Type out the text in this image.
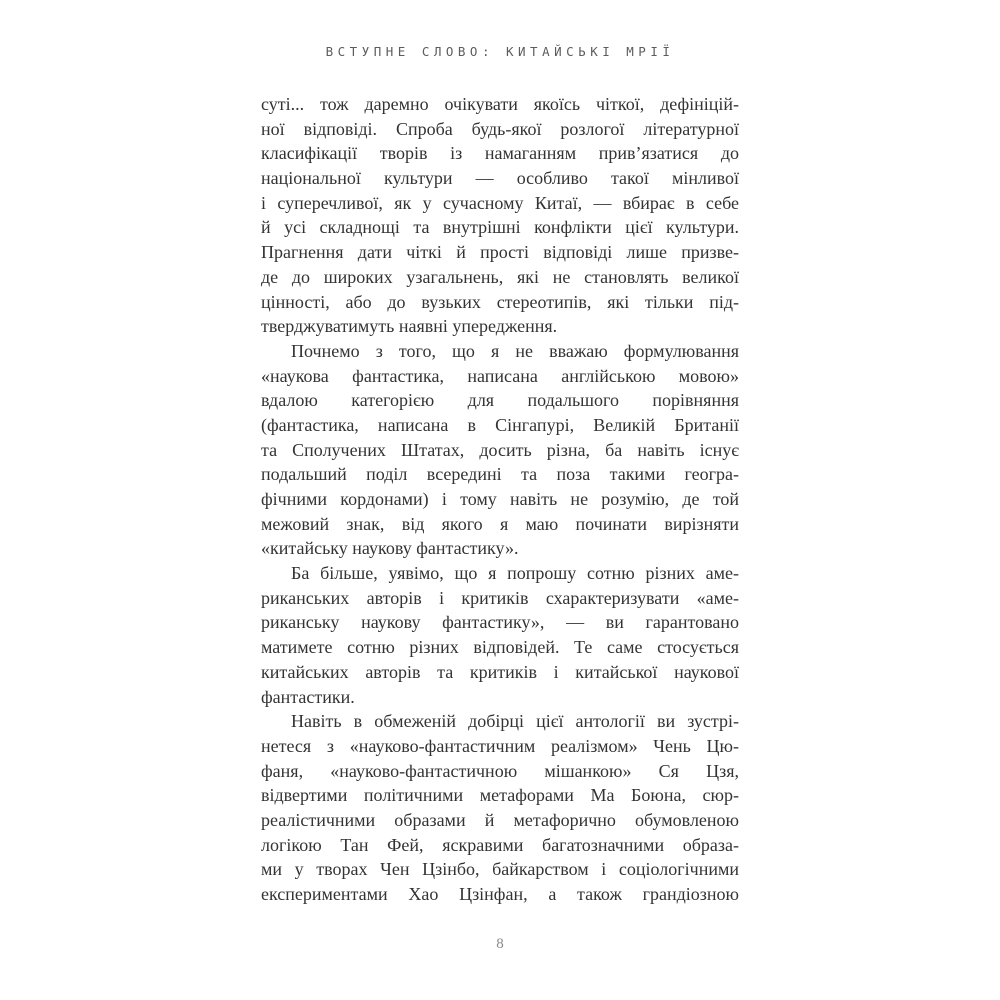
ВСТУПНЕ СЛОВО: КИТАЙСЬКІ МРІЇ
суті... тож даремно очікувати якоїсь чіткої, дефініцій-
ної відповіді. Спроба будь-якої розлогої літературної
класифікації творів із намаганням прив’язатися до
національної культури — особливо такої мінливої
і суперечливої, як у сучасному Китаї, — вбирає в себе
й усі складнощі та внутрішні конфлікти цієї культури.
Прагнення дати чіткі й прості відповіді лише призве-
де до широких узагальнень, які не становлять великої
цінності, або до вузьких стереотипів, які тільки під-
тверджуватимуть наявні упередження.
Почнемо з того, що я не вважаю формулювання
«наукова фантастика, написана англійською мовою»
вдалою категорією для подальшого порівняння
(фантастика, написана в Сінгапурі, Великій Британії
та Сполучених Штатах, досить різна, ба навіть існує
подальший поділ всередині та поза такими геогра-
фічними кордонами) і тому навіть не розумію, де той
межовий знак, від якого я маю починати вирізняти
«китайську наукову фантастику».
Ба більше, уявімо, що я попрошу сотню різних аме-
риканських авторів і критиків схарактеризувати «аме-
риканську наукову фантастику», — ви гарантовано
матимете сотню різних відповідей. Те саме стосується
китайських авторів та критиків і китайської наукової
фантастики.
Навіть в обмеженій добірці цієї антології ви зустрі-
нетеся з «науково-фантастичним реалізмом» Чень Цю-
фаня, «науково-фантастичною мішанкою» Ся Цзя,
відвертими політичними метафорами Ма Боюна, сюр-
реалістичними образами й метафорично обумовленою
логікою Тан Фей, яскравими багатозначними образа-
ми у творах Чен Цзінбо, байкарством і соціологічними
експериментами Хао Цзінфан, а також грандіозною
8
